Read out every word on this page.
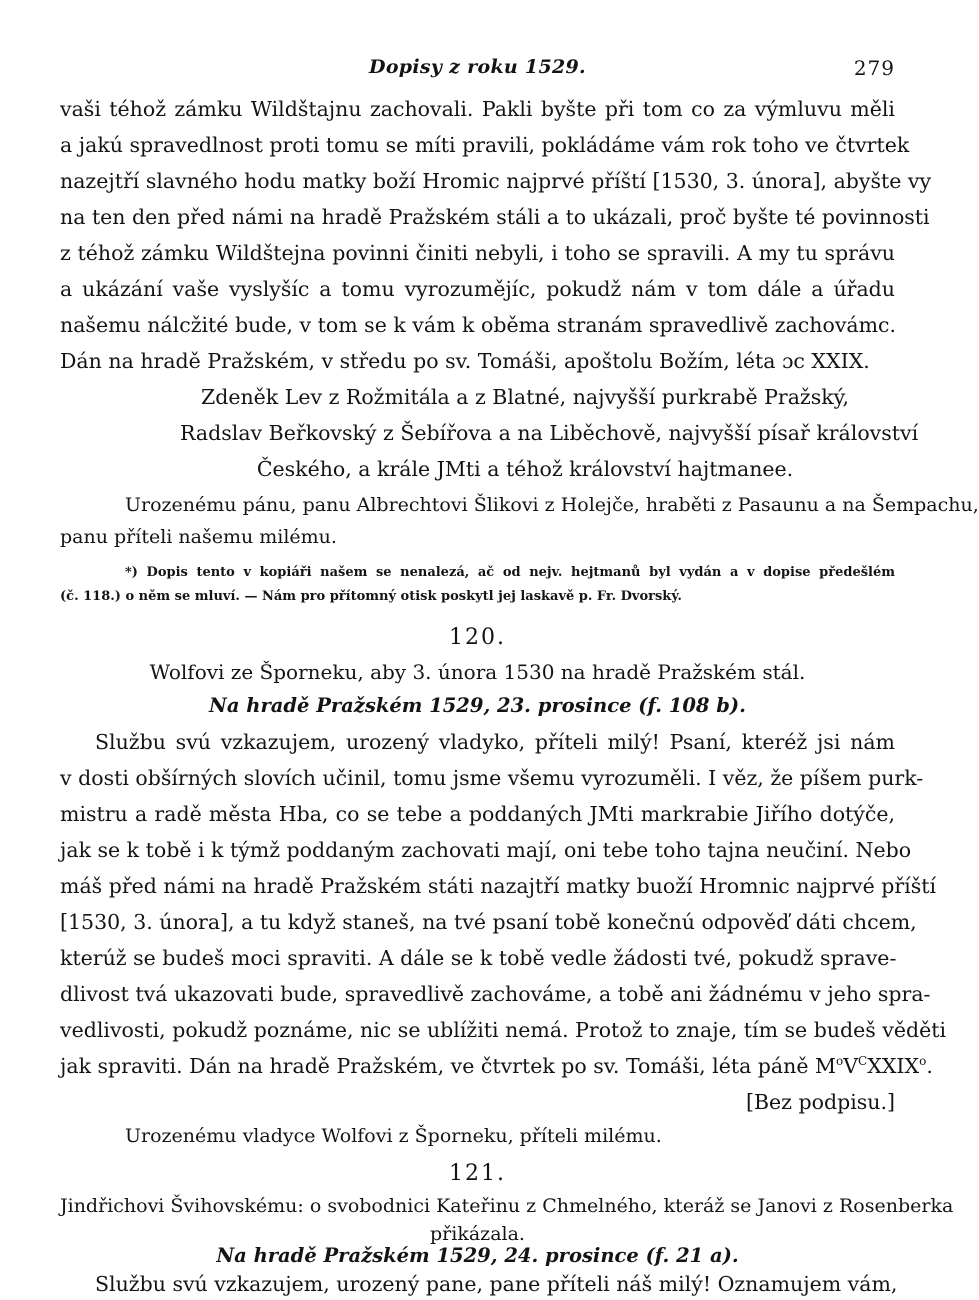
Dopisy z roku 1529.	279
vaši téhož zámku Wildštajnu zachovali. Pakli byšte při tom co za výmluvu měli
a jakú spravedlnost proti tomu se míti pravili, pokládáme vám rok toho ve čtvrtek
nazejtří slavného hodu matky boží Hromic najprvé příští [1530, 3. února], abyšte vy
na ten den před námi na hradě Pražském stáli a to ukázali, proč byšte té povinnosti
z téhož zámku Wildštejna povinni činiti nebyli, i toho se spravili. A my tu správu
a ukázání vaše vyslyšíc a tomu vyrozumějíc, pokudž nám v tom dále a úřadu
našemu nálcžité bude, v tom se k vám k oběma stranám spravedlivě zachovámc.
Dán na hradě Pražském, v středu po sv. Tomáši, apoštolu Božím, léta ɔc XXIX.
Zdeněk Lev z Rožmitála a z Blatné, najvyšší purkrabě Pražský,
Radslav Beřkovský z Šebířova a na Liběchově, najvyšší písař království
Českého, a krále JMti a téhož království hajtmanee.
Urozenému pánu, panu Albrechtovi Šlikovi z Holejče, hraběti z Pasaunu a na Šempachu,
panu příteli našemu milému.
*) Dopis tento v kopiáři našem se nenalezá, ač od nejv. hejtmanů byl vydán a v dopise předešlém
(č. 118.) o něm se mluví. — Nám pro přítomný otisk poskytl jej laskavě p. Fr. Dvorský.
120.
Wolfovi ze Šporneku, aby 3. února 1530 na hradě Pražském stál.
Na hradě Pražském 1529, 23. prosince (f. 108 b).
Službu svú vzkazujem, urozený vladyko, příteli milý! Psaní, kteréž jsi nám
v dosti obšírných slovích učinil, tomu jsme všemu vyrozuměli. I věz, že píšem purk-
mistru a radě města Hba, co se tebe a poddaných JMti markrabie Jiřího dotýče,
jak se k tobě i k týmž poddaným zachovati mají, oni tebe toho tajna neučiní. Nebo
máš před námi na hradě Pražském státi nazajtří matky buoží Hromnic najprvé příští
[1530, 3. února], a tu když staneš, na tvé psaní tobě konečnú odpověď dáti chcem,
kterúž se budeš moci spraviti. A dále se k tobě vedle žádosti tvé, pokudž sprave-
dlivost tvá ukazovati bude, spravedlivě zachováme, a tobě ani žádnému v jeho spra-
vedlivosti, pokudž poznáme, nic se ublížiti nemá. Protož to znaje, tím se budeš věděti
jak spraviti. Dán na hradě Pražském, ve čtvrtek po sv. Tomáši, léta páně $M^oV^CXXIX^o$.
[Bez podpisu.]
Urozenému vladyce Wolfovi z Šporneku, příteli milému.
121.
Jindřichovi Švihovskému: o svobodnici Kateřinu z Chmelného, kteráž se Janovi z Rosenberka
přikázala.
Na hradě Pražském 1529, 24. prosince (f. 21 a).
Službu svú vzkazujem, urozený pane, pane příteli náš milý! Oznamujem vám,
